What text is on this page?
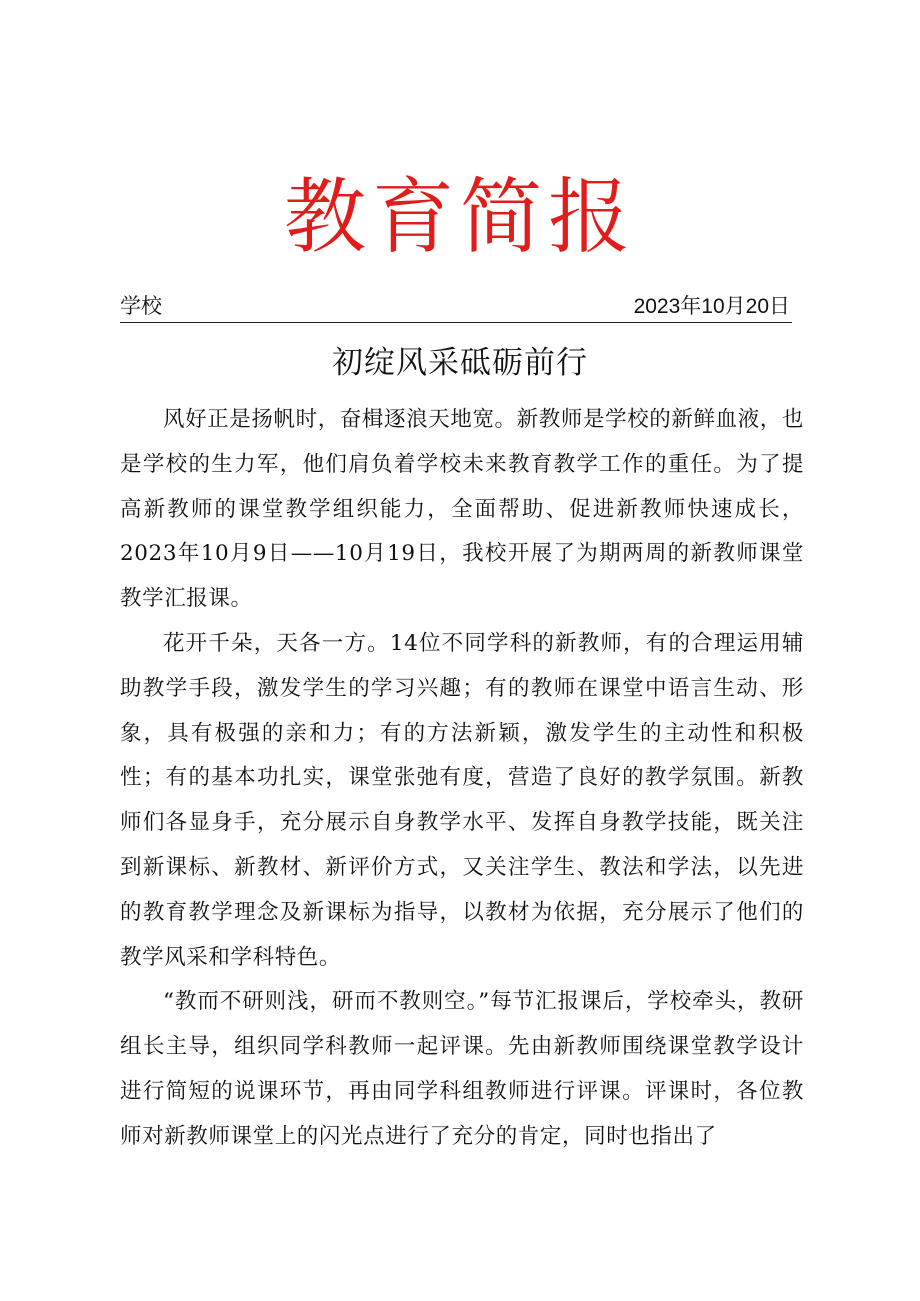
教育简报
学校	2023年10月20日
初绽风采砥砺前行

风好正是扬帆时，奋楫逐浪天地宽。新教师是学校的新鲜血液，也是学校的生力军，他们肩负着学校未来教育教学工作的重任。为了提高新教师的课堂教学组织能力，全面帮助、促进新教师快速成长，2023年10月9日——10月19日，我校开展了为期两周的新教师课堂教学汇报课。

花开千朵，天各一方。14位不同学科的新教师，有的合理运用辅助教学手段，激发学生的学习兴趣；有的教师在课堂中语言生动、形象，具有极强的亲和力；有的方法新颖，激发学生的主动性和积极性；有的基本功扎实，课堂张弛有度，营造了良好的教学氛围。新教师们各显身手，充分展示自身教学水平、发挥自身教学技能，既关注到新课标、新教材、新评价方式，又关注学生、教法和学法，以先进的教育教学理念及新课标为指导，以教材为依据，充分展示了他们的教学风采和学科特色。

“教而不研则浅，研而不教则空。”每节汇报课后，学校牵头，教研组长主导，组织同学科教师一起评课。先由新教师围绕课堂教学设计进行简短的说课环节，再由同学科组教师进行评课。评课时，各位教师对新教师课堂上的闪光点进行了充分的肯定，同时也指出了
